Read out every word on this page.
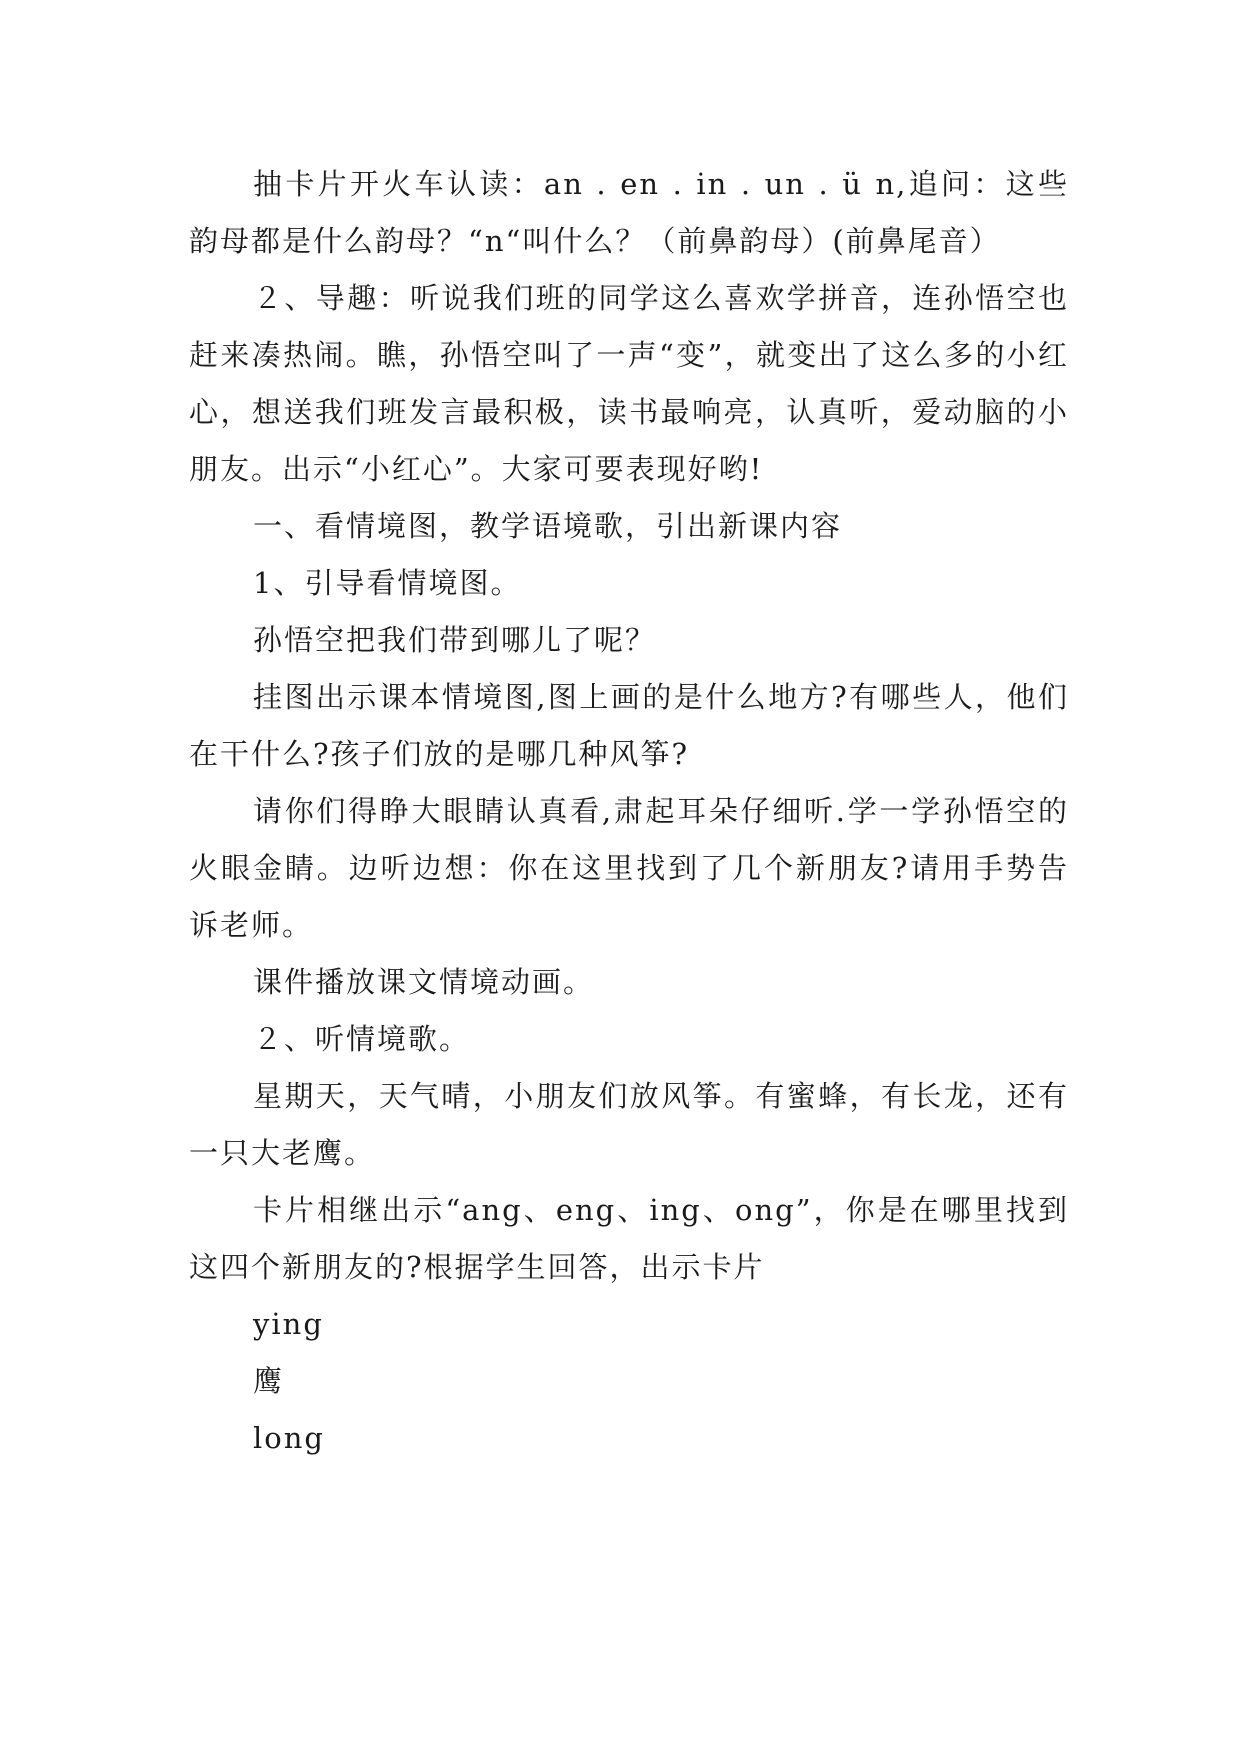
抽卡片开火车认读：an . en . in . un . ü n,追问：这些韵母都是什么韵母？“n“叫什么？（前鼻韵母）(前鼻尾音）

２、导趣：听说我们班的同学这么喜欢学拼音，连孙悟空也赶来凑热闹。瞧，孙悟空叫了一声“变”，就变出了这么多的小红心，想送我们班发言最积极，读书最响亮，认真听，爱动脑的小朋友。出示“小红心”。大家可要表现好哟!

一、看情境图，教学语境歌，引出新课内容

1、引导看情境图。

孙悟空把我们带到哪儿了呢？

挂图出示课本情境图,图上画的是什么地方?有哪些人，他们在干什么?孩子们放的是哪几种风筝?

请你们得睁大眼睛认真看,肃起耳朵仔细听.学一学孙悟空的火眼金睛。边听边想：你在这里找到了几个新朋友?请用手势告诉老师。

课件播放课文情境动画。

２、听情境歌。

星期天，天气晴，小朋友们放风筝。有蜜蜂，有长龙，还有一只大老鹰。

卡片相继出示“ang、eng、ing、ong”，你是在哪里找到这四个新朋友的?根据学生回答，出示卡片

ying

鹰

long
